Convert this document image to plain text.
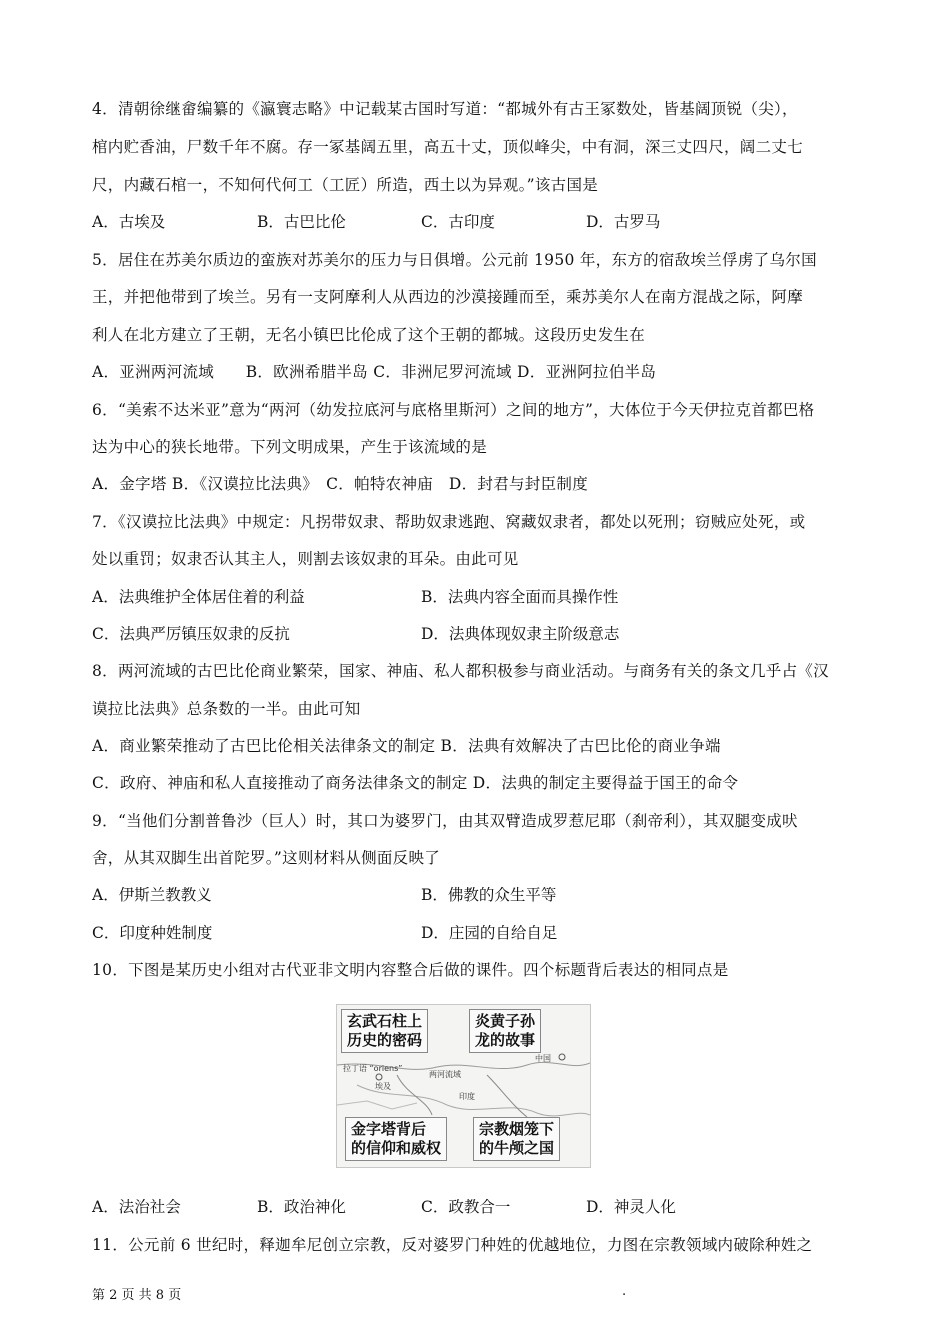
4．清朝徐继畲编纂的《瀛寰志略》中记载某古国时写道：“都城外有古王冢数处，皆基阔顶锐（尖），
棺内贮香油，尸数千年不腐。存一冢基阔五里，高五十丈，顶似峰尖，中有洞，深三丈四尺，阔二丈七
尺，内藏石棺一，不知何代何工（工匠）所造，西土以为异观。”该古国是
A．古埃及	B．古巴比伦	C．古印度	D．古罗马
5．居住在苏美尔质边的蛮族对苏美尔的压力与日俱增。公元前 1950 年，东方的宿敌埃兰俘虏了乌尔国
王，并把他带到了埃兰。另有一支阿摩利人从西边的沙漠接踵而至，乘苏美尔人在南方混战之际，阿摩
利人在北方建立了王朝，无名小镇巴比伦成了这个王朝的都城。这段历史发生在
A．亚洲两河流域　　B．欧洲希腊半岛 C．非洲尼罗河流域 D．亚洲阿拉伯半岛
6．“美索不达米亚”意为“两河（幼发拉底河与底格里斯河）之间的地方”，大体位于今天伊拉克首都巴格
达为中心的狭长地带。下列文明成果，产生于该流域的是
A．金字塔 B．《汉谟拉比法典》　C．帕特农神庙　D．封君与封臣制度
7．《汉谟拉比法典》中规定：凡拐带奴隶、帮助奴隶逃跑、窝藏奴隶者，都处以死刑；窃贼应处死，或
处以重罚；奴隶否认其主人，则割去该奴隶的耳朵。由此可见
A．法典维护全体居住着的利益	B．法典内容全面而具操作性
C．法典严厉镇压奴隶的反抗	D．法典体现奴隶主阶级意志
8．两河流域的古巴比伦商业繁荣，国家、神庙、私人都积极参与商业活动。与商务有关的条文几乎占《汉
谟拉比法典》总条数的一半。由此可知
A．商业繁荣推动了古巴比伦相关法律条文的制定 B．法典有效解决了古巴比伦的商业争端
C．政府、神庙和私人直接推动了商务法律条文的制定 D．法典的制定主要得益于国王的命令
9．“当他们分割普鲁沙（巨人）时，其口为婆罗门，由其双臂造成罗惹尼耶（刹帝利），其双腿变成吠
舍，从其双脚生出首陀罗。”这则材料从侧面反映了
A．伊斯兰教教义	B．佛教的众生平等
C．印度种姓制度	D．庄园的自给自足
10．下图是某历史小组对古代亚非文明内容整合后做的课件。四个标题背后表达的相同点是
玄武石柱上
历史的密码
炎黄子孙
龙的故事
金字塔背后
的信仰和威权
宗教烟笼下
的牛颅之国
拉丁语 “oriens”
埃及
两河流域
印度
中国
A．法治社会	B．政治神化	C．政教合一	D．神灵人化
11．公元前 6 世纪时，释迦牟尼创立宗教，反对婆罗门种姓的优越地位，力图在宗教领域内破除种姓之
第 2 页 共 8 页	.
